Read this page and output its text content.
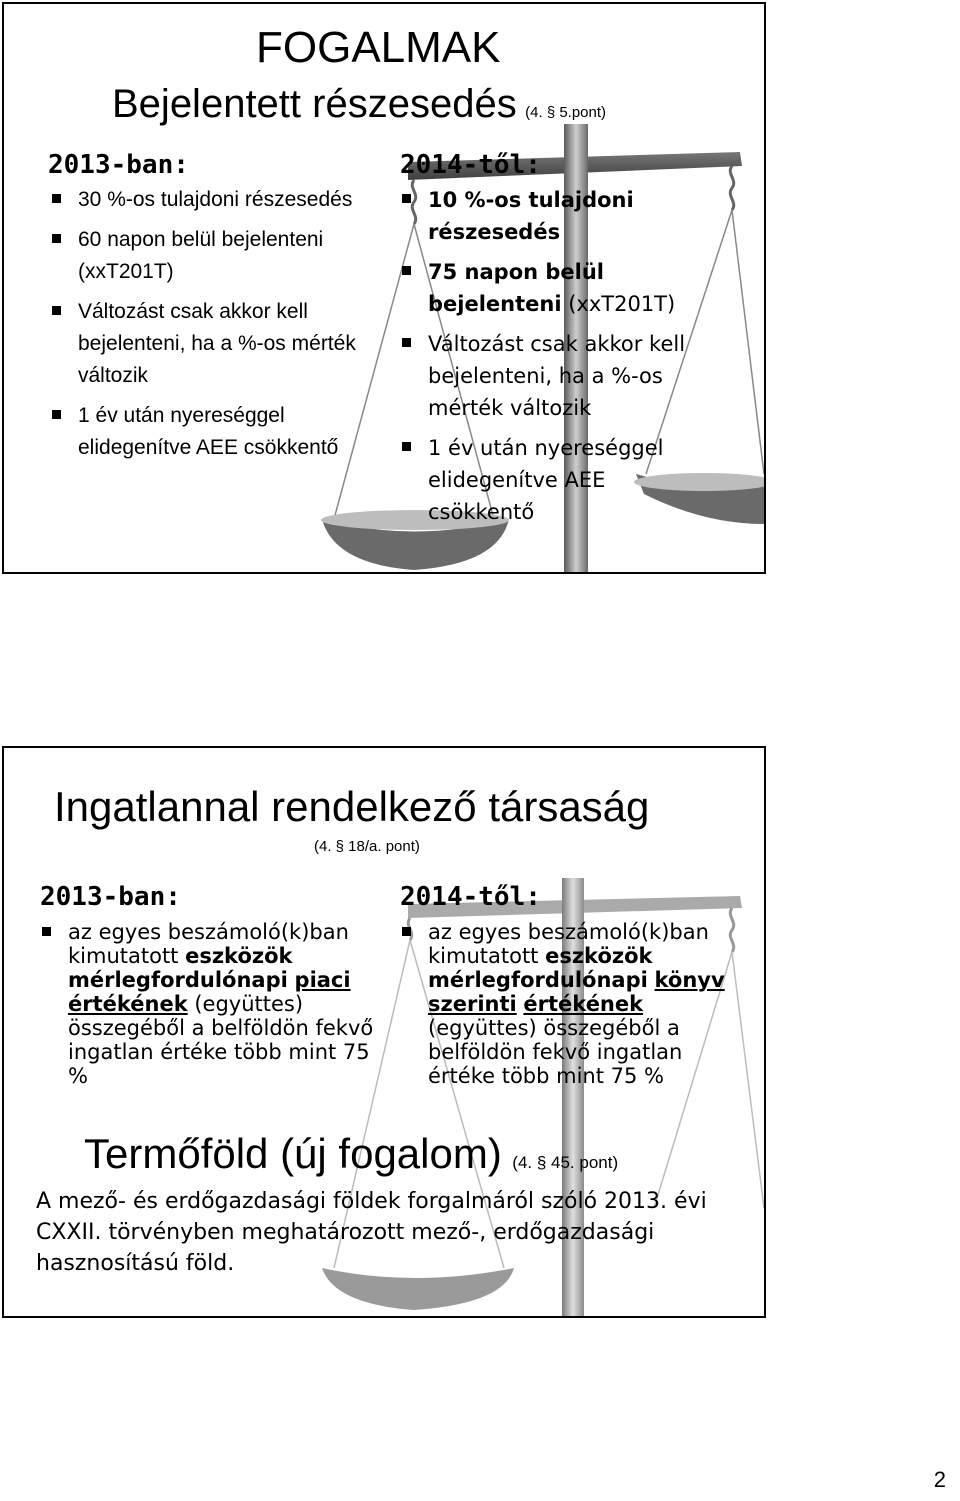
FOGALMAK
Bejelentett részesedés (4. § 5.pont)
2013-ban:
30 %-os tulajdoni részesedés
60 napon belül bejelenteni (xxT201T)
Változást csak akkor kell bejelenteni, ha a %-os mérték változik
1 év után nyereséggel elidegenítve AEE csökkentő
2014-től:
10 %-os tulajdoni részesedés
75 napon belül bejelenteni (xxT201T)
Változást csak akkor kell bejelenteni, ha a %-os mérték változik
1 év után nyereséggel elidegenítve AEE csökkentő
Ingatlannal rendelkező társaság
(4. § 18/a. pont)
2013-ban:
az egyes beszámoló(k)ban kimutatott eszközök mérlegfordulónapi piaci értékének (együttes) összegéből a belföldön fekvő ingatlan értéke több mint 75 %
2014-től:
az egyes beszámoló(k)ban kimutatott eszközök mérlegfordulónapi könyv szerinti értékének (együttes) összegéből a belföldön fekvő ingatlan értéke több mint 75 %
Termőföld (új fogalom) (4. § 45. pont)
A mező- és erdőgazdasági földek forgalmáról szóló 2013. évi CXXII. törvényben meghatározott mező-, erdőgazdasági hasznosítású föld.
2
